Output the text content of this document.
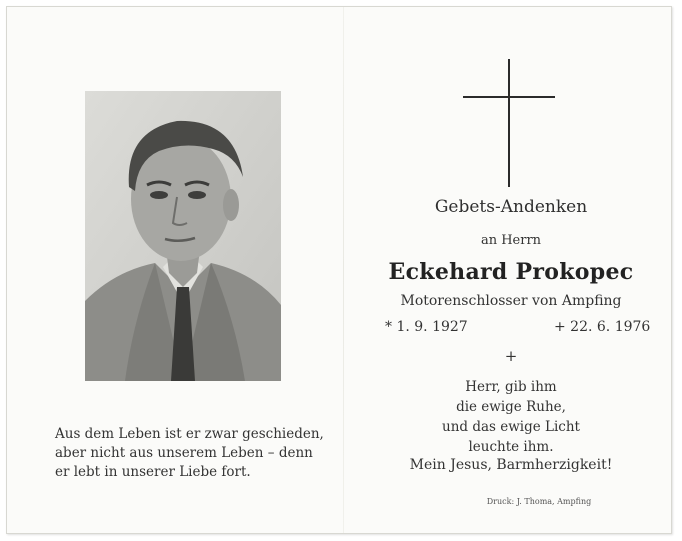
Aus dem Leben ist er zwar geschieden,
aber nicht aus unserem Leben – denn
er lebt in unserer Liebe fort.
Gebets-Andenken
an Herrn
Eckehard Prokopec
Motorenschlosser von Ampfing
* 1. 9. 1927	+ 22. 6. 1976
+
Herr, gib ihm
die ewige Ruhe,
und das ewige Licht
leuchte ihm.
Mein Jesus, Barmherzigkeit!
Druck: J. Thoma, Ampfing
